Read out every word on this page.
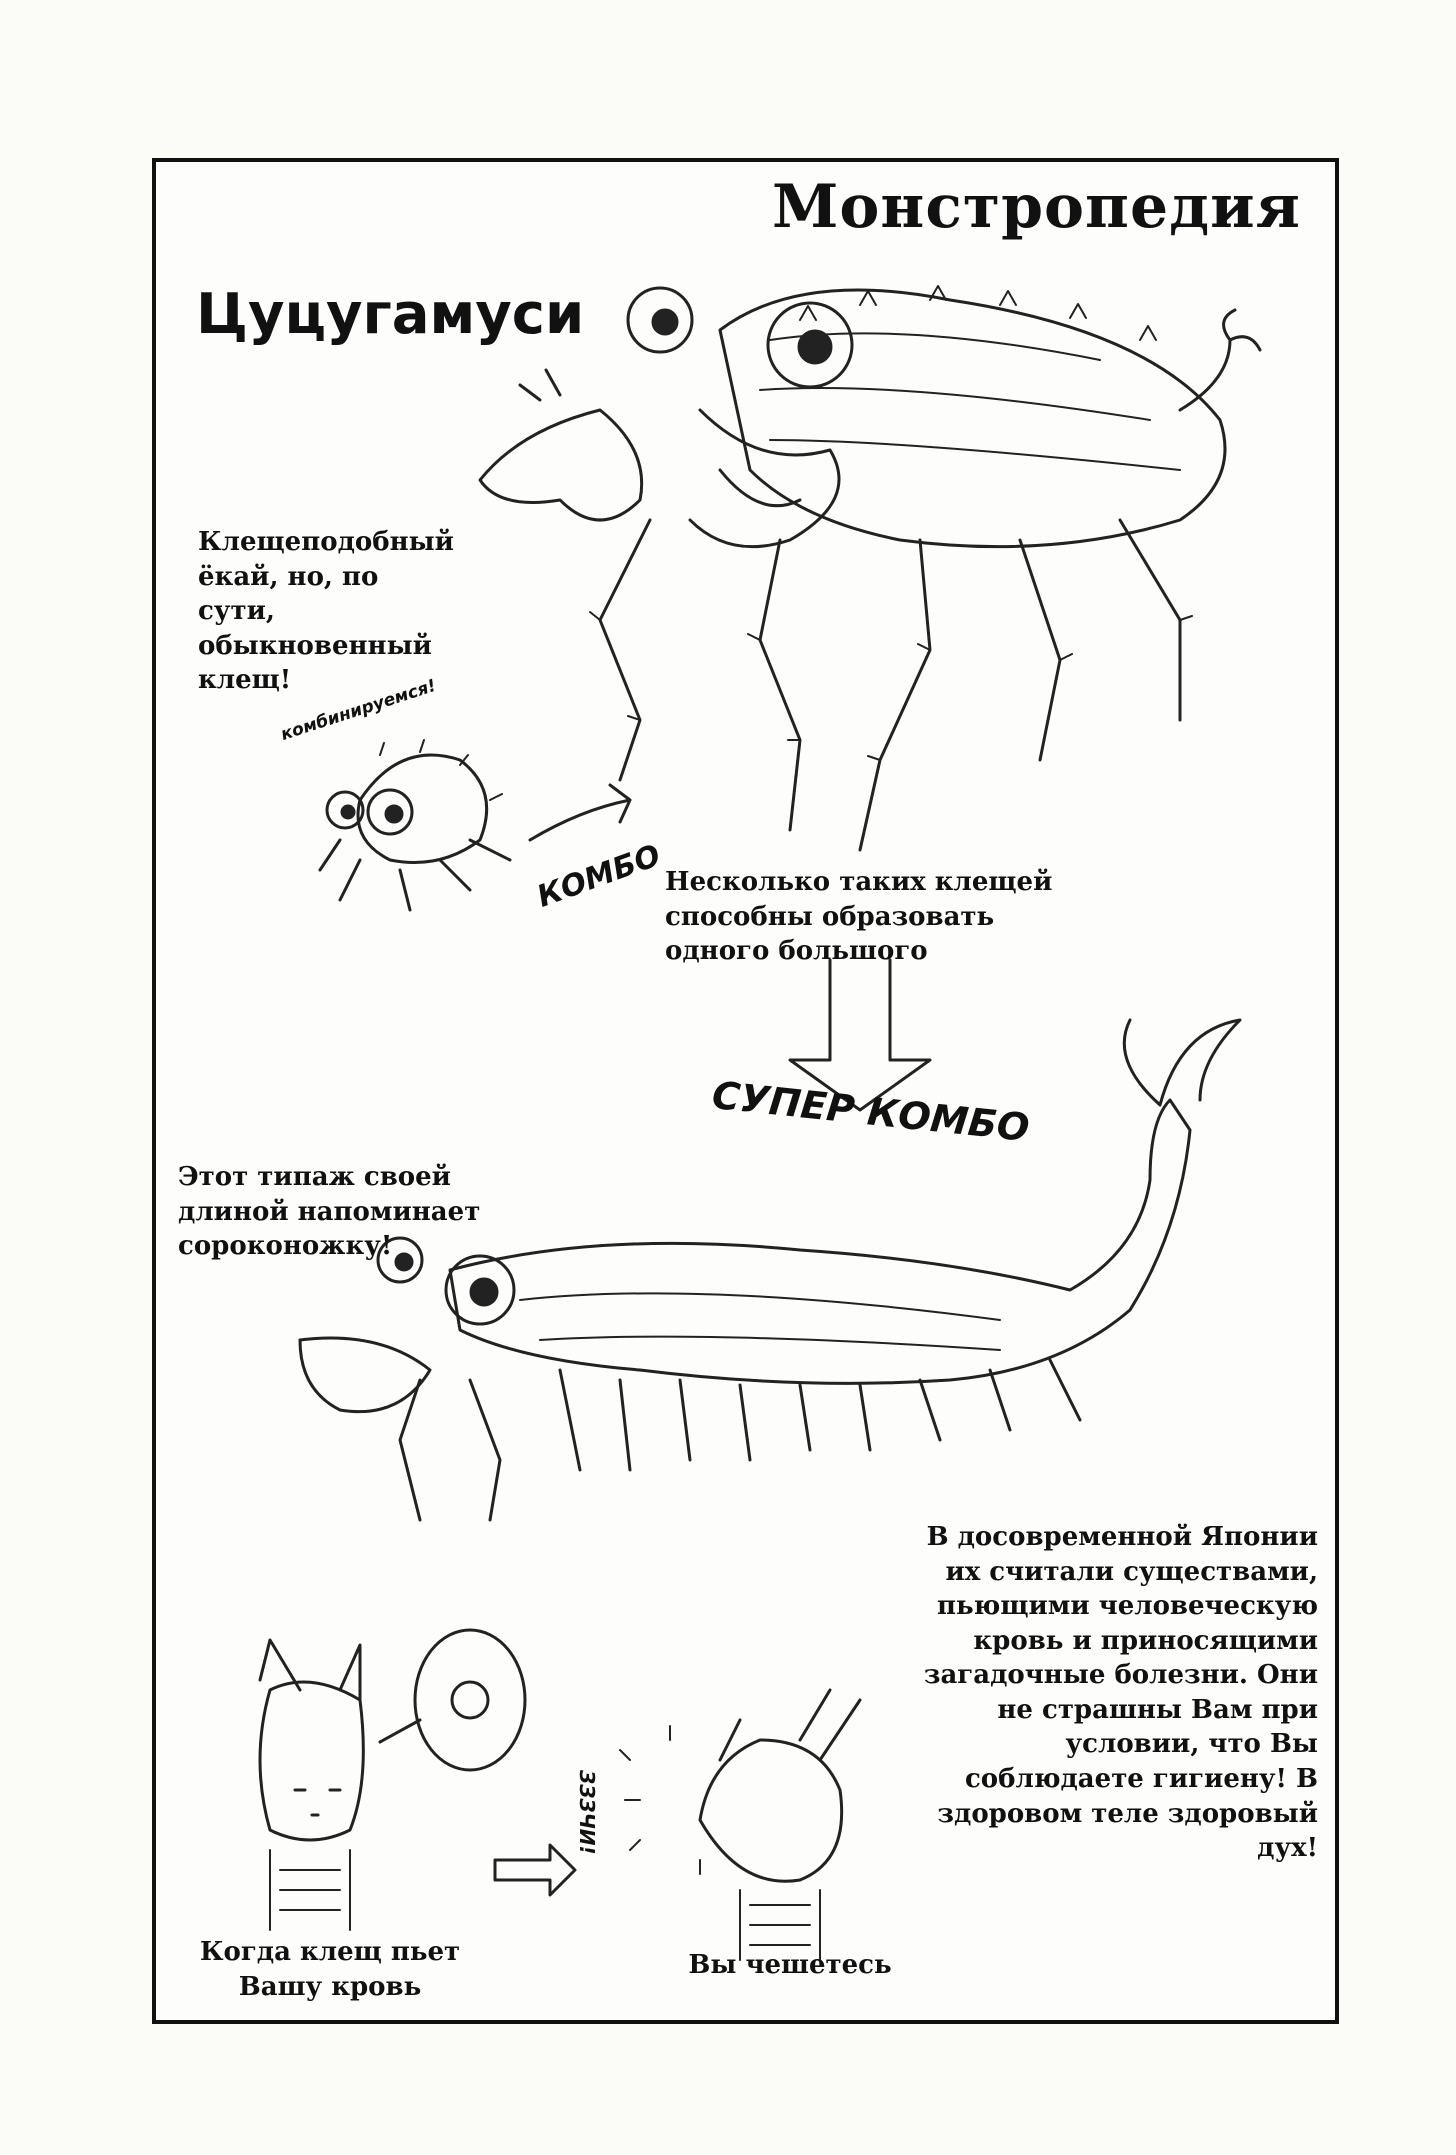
Монстропедия
Цуцугамуси

Клещеподобный ёкай, но, по сути, обыкновенный клещ!

комбинируемся!
КОМБО Несколько таких клещей способны образовать одного большого

СУПЕР КОМБО

Этот типаж своей длиной напоминает сороконожку!

В досовременной Японии их считали существами, пьющими человеческую кровь и приносящими загадочные болезни. Они не страшны Вам при условии, что Вы соблюдаете гигиену! В здоровом теле здоровый дух!

ЗЗЗЧИ!

Когда клещ пьет Вашу кровь

Вы чешетесь
